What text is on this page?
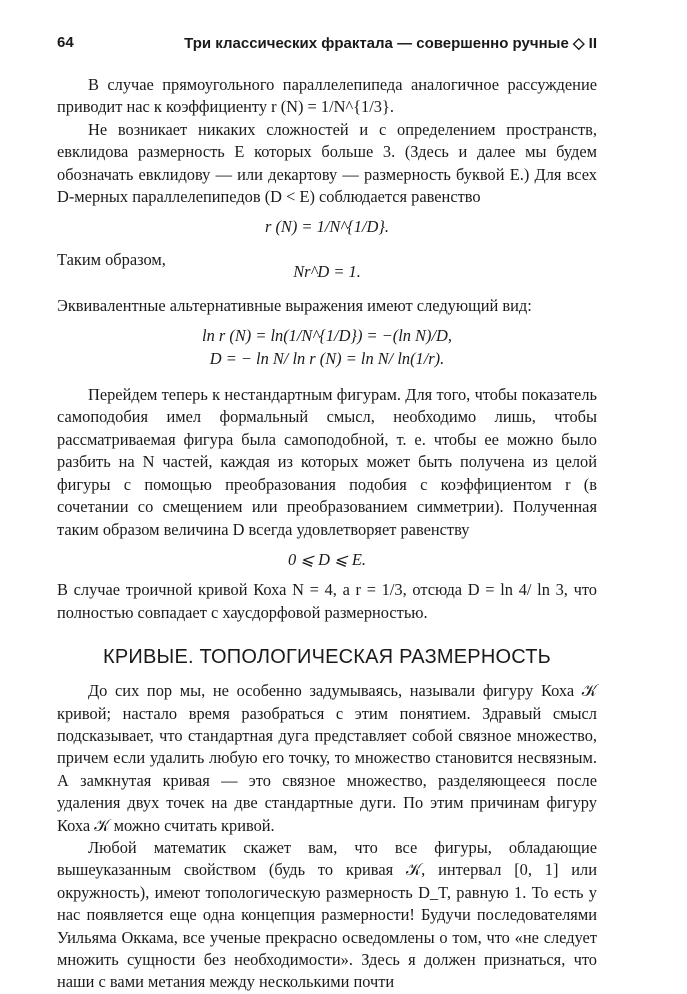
64	Три классических фрактала — совершенно ручные ◇ II

В случае прямоугольного параллелепипеда аналогичное рассуждение приводит нас к коэффициенту r (N) = 1/N^{1/3}.

Не возникает никаких сложностей и с определением пространств, евклидова размерность E которых больше 3. (Здесь и далее мы будем обозначать евклидову — или декартову — размерность буквой E.) Для всех D-мерных параллелепипедов (D < E) соблюдается равенство

r (N) = 1/N^{1/D}.
Таким образом,
Nr^D = 1.

Эквивалентные альтернативные выражения имеют следующий вид:

ln r (N) = ln(1/N^{1/D}) = −(ln N)/D,
D = − ln N/ ln r (N) = ln N/ ln(1/r).

Перейдем теперь к нестандартным фигурам. Для того, чтобы показатель самоподобия имел формальный смысл, необходимо лишь, чтобы рассматриваемая фигура была самоподобной, т. е. чтобы ее можно было разбить на N частей, каждая из которых может быть получена из целой фигуры с помощью преобразования подобия с коэффициентом r (в сочетании со смещением или преобразованием симметрии). Полученная таким образом величина D всегда удовлетворяет равенству

0 ⩽ D ⩽ E.

В случае троичной кривой Коха N = 4, а r = 1/3, отсюда D = ln 4/ ln 3, что полностью совпадает с хаусдорфовой размерностью.

КРИВЫЕ. ТОПОЛОГИЧЕСКАЯ РАЗМЕРНОСТЬ

До сих пор мы, не особенно задумываясь, называли фигуру Коха 𝒦 кривой; настало время разобраться с этим понятием. Здравый смысл подсказывает, что стандартная дуга представляет собой связное множество, причем если удалить любую его точку, то множество становится несвязным. А замкнутая кривая — это связное множество, разделяющееся после удаления двух точек на две стандартные дуги. По этим причинам фигуру Коха 𝒦 можно считать кривой.

Любой математик скажет вам, что все фигуры, обладающие вышеуказанным свойством (будь то кривая 𝒦, интервал [0, 1] или окружность), имеют топологическую размерность D_T, равную 1. То есть у нас появляется еще одна концепция размерности! Будучи последователями Уильяма Оккама, все ученые прекрасно осведомлены о том, что «не следует множить сущности без необходимости». Здесь я должен признаться, что наши с вами метания между несколькими почти
